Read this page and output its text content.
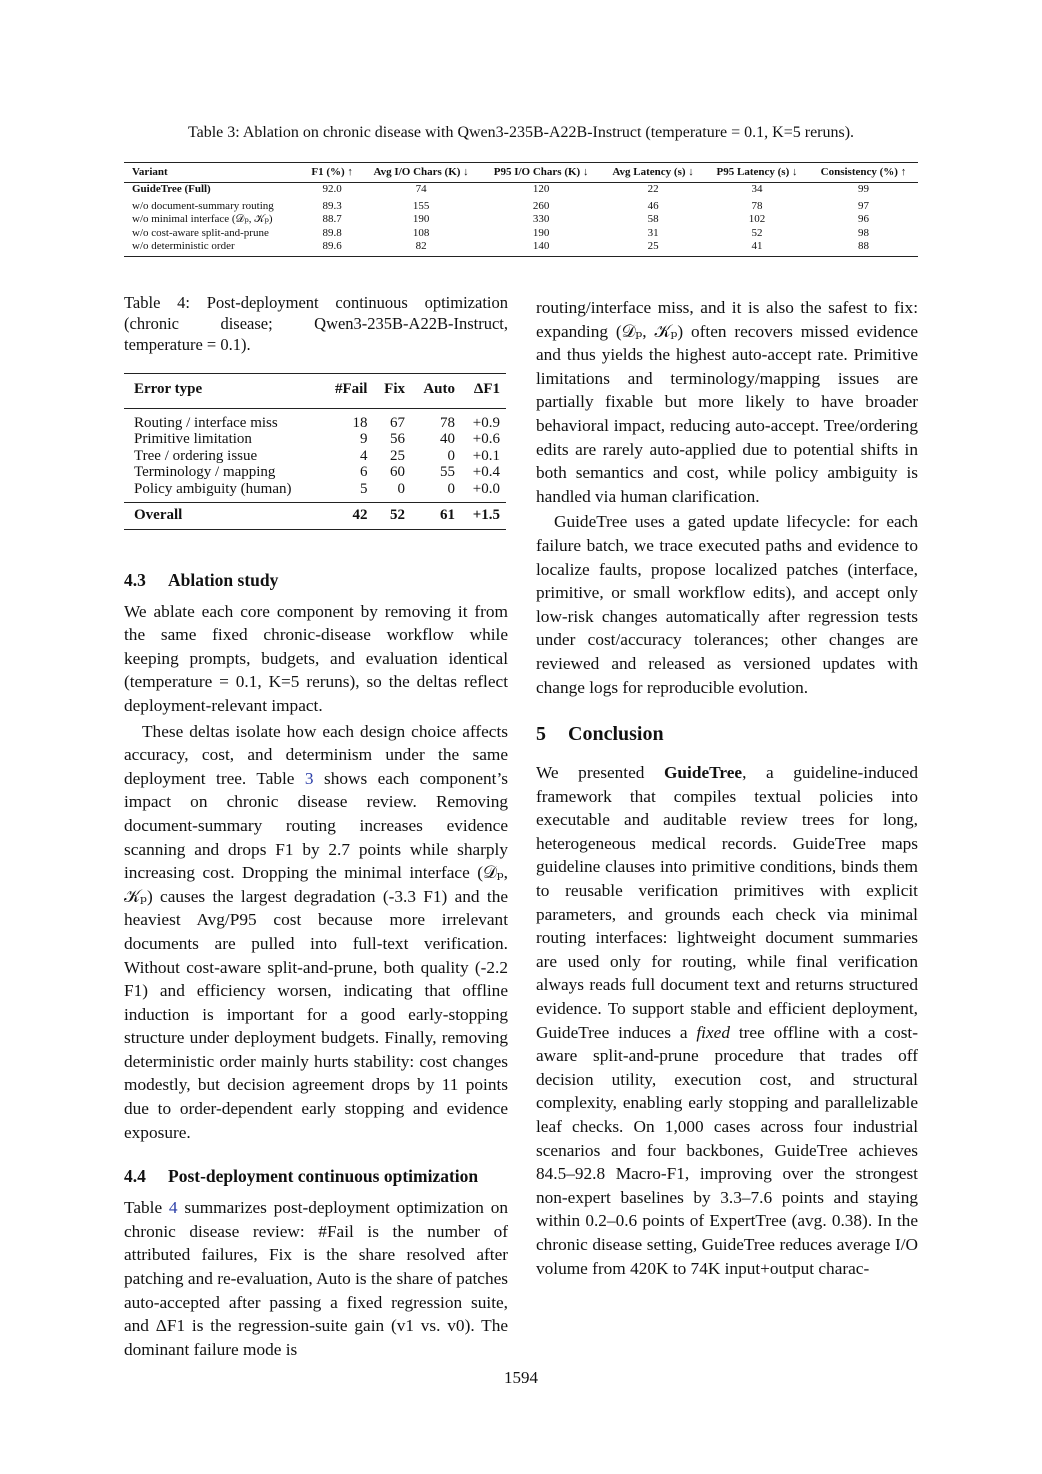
Table 3: Ablation on chronic disease with Qwen3-235B-A22B-Instruct (temperature = 0.1, K=5 reruns).
Variant	F1 (%) ↑	Avg I/O Chars (K) ↓	P95 I/O Chars (K) ↓	Avg Latency (s) ↓	P95 Latency (s) ↓	Consistency (%) ↑
GuideTree (Full)	92.0	74	120	22	34	99
w/o document-summary routing	89.3	155	260	46	78	97
w/o minimal interface (𝒟ₚ, 𝒦ₚ)	88.7	190	330	58	102	96
w/o cost-aware split-and-prune	89.8	108	190	31	52	98
w/o deterministic order	89.6	82	140	25	41	88

Table 4: Post-deployment continuous optimization (chronic disease; Qwen3-235B-A22B-Instruct, temperature = 0.1).

Error type	#Fail	Fix	Auto	ΔF1
Routing / interface miss	18	67	78	+0.9
Primitive limitation	9	56	40	+0.6
Tree / ordering issue	4	25	0	+0.1
Terminology / mapping	6	60	55	+0.4
Policy ambiguity (human)	5	0	0	+0.0
Overall	42	52	61	+1.5
4.3 Ablation study

We ablate each core component by removing it from the same fixed chronic-disease workflow while keeping prompts, budgets, and evaluation identical (temperature = 0.1, K=5 reruns), so the deltas reflect deployment-relevant impact.

These deltas isolate how each design choice affects accuracy, cost, and determinism under the same deployment tree. Table 3 shows each component’s impact on chronic disease review. Removing document-summary routing increases evidence scanning and drops F1 by 2.7 points while sharply increasing cost. Dropping the minimal interface (𝒟ₚ, 𝒦ₚ) causes the largest degradation (-3.3 F1) and the heaviest Avg/P95 cost because more irrelevant documents are pulled into full-text verification. Without cost-aware split-and-prune, both quality (-2.2 F1) and efficiency worsen, indicating that offline induction is important for a good early-stopping structure under deployment budgets. Finally, removing deterministic order mainly hurts stability: cost changes modestly, but decision agreement drops by 11 points due to order-dependent early stopping and evidence exposure.

4.4 Post-deployment continuous optimization

Table 4 summarizes post-deployment optimization on chronic disease review: #Fail is the number of attributed failures, Fix is the share resolved after patching and re-evaluation, Auto is the share of patches auto-accepted after passing a fixed regression suite, and ΔF1 is the regression-suite gain (v1 vs. v0). The dominant failure mode is

routing/interface miss, and it is also the safest to fix: expanding (𝒟ₚ, 𝒦ₚ) often recovers missed evidence and thus yields the highest auto-accept rate. Primitive limitations and terminology/mapping issues are partially fixable but more likely to have broader behavioral impact, reducing auto-accept. Tree/ordering edits are rarely auto-applied due to potential shifts in both semantics and cost, while policy ambiguity is handled via human clarification.

GuideTree uses a gated update lifecycle: for each failure batch, we trace executed paths and evidence to localize faults, propose localized patches (interface, primitive, or small workflow edits), and accept only low-risk changes automatically after regression tests under cost/accuracy tolerances; other changes are reviewed and released as versioned updates with change logs for reproducible evolution.

5 Conclusion

We presented GuideTree, a guideline-induced framework that compiles textual policies into executable and auditable review trees for long, heterogeneous medical records. GuideTree maps guideline clauses into primitive conditions, binds them to reusable verification primitives with explicit parameters, and grounds each check via minimal routing interfaces: lightweight document summaries are used only for routing, while final verification always reads full document text and returns structured evidence. To support stable and efficient deployment, GuideTree induces a fixed tree offline with a cost-aware split-and-prune procedure that trades off decision utility, execution cost, and structural complexity, enabling early stopping and parallelizable leaf checks. On 1,000 cases across four industrial scenarios and four backbones, GuideTree achieves 84.5–92.8 Macro-F1, improving over the strongest non-expert baselines by 3.3–7.6 points and staying within 0.2–0.6 points of ExpertTree (avg. 0.38). In the chronic disease setting, GuideTree reduces average I/O volume from 420K to 74K input+output charac-

1594
